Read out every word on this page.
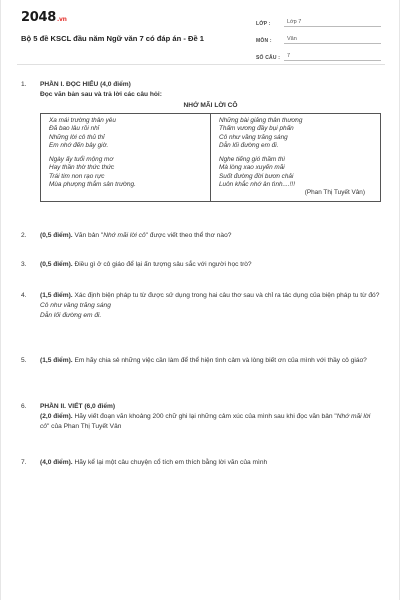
2048.vn
Bộ 5 đề KSCL đầu năm Ngữ văn 7 có đáp án - Đề 1
LỚP :	Lớp 7
MÔN :	Văn
SỐ CÂU :	7
1.	PHẦN I. ĐỌC HIỂU (4,0 điểm)
Đọc văn bản sau và trả lời các câu hỏi:
NHỚ MÃI LỜI CÔ
Xa mái trường thân yêu
Đã bao lâu rồi nhỉ
Những lời cô thủ thỉ
Em nhớ đến bây giờ.
Ngày ấy tuổi mộng mơ
Hay thần thờ thức thức
Trái tim non rạo rực
Mùa phượng thắm sân trường.
Những bài giảng thân thương
Thấm vương đầy bụi phấn
Cô như vầng trăng sáng
Dẫn lối đường em đi.
Nghe tiếng gió thầm thì
Mà lòng xao xuyến mãi
Suốt đường đời bươn chải
Luôn khắc nhớ ân tình....!!!
(Phan Thị Tuyết Vân)
2.	(0,5 điểm). Văn bản "Nhớ mãi lời cô" được viết theo thể thơ nào?
3.	(0,5 điểm). Điều gì ở cô giáo để lại ấn tượng sâu sắc với người học trò?
4.	(1,5 điểm). Xác định biện pháp tu từ được sử dụng trong hai câu thơ sau và chỉ ra tác dụng của biện pháp tu từ đó?
Cô như vầng trăng sáng
Dẫn lối đường em đi.
5.	(1,5 điểm). Em hãy chia sẻ những việc cần làm để thể hiện tình cảm và lòng biết ơn của mình với thầy cô giáo?
6.	PHẦN II. VIẾT (6,0 điểm)
(2,0 điểm). Hãy viết đoạn văn khoảng 200 chữ ghi lại những cảm xúc của mình sau khi đọc văn bản "Nhớ mãi lời cô" của Phan Thị Tuyết Vân
7.	(4,0 điểm). Hãy kể lại một câu chuyện cổ tích em thích bằng lời văn của mình
